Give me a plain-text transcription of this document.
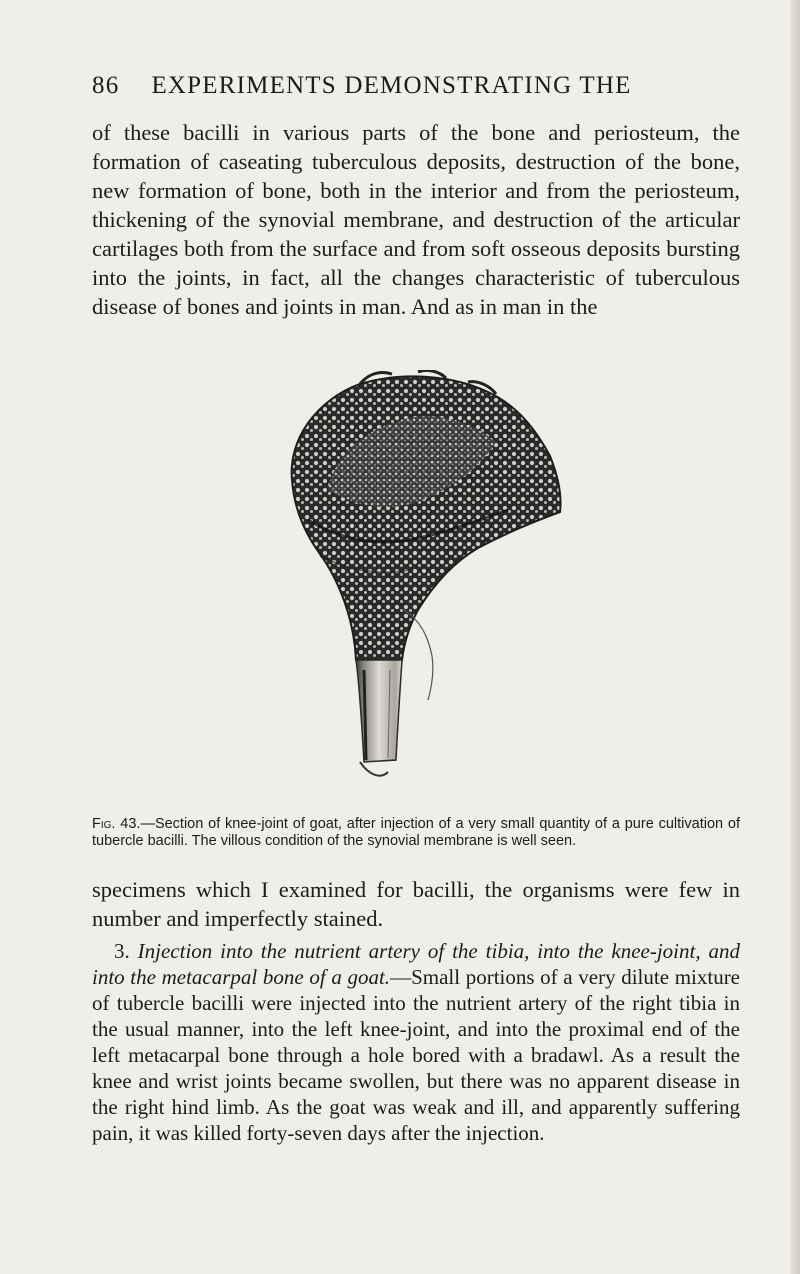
86 EXPERIMENTS DEMONSTRATING THE

of these bacilli in various parts of the bone and periosteum, the formation of caseating tuberculous deposits, destruction of the bone, new formation of bone, both in the interior and from the periosteum, thickening of the synovial membrane, and destruction of the articular cartilages both from the surface and from soft osseous deposits bursting into the joints, in fact, all the changes characteristic of tuberculous disease of bones and joints in man. And as in man in the

Fig. 43.—Section of knee-joint of goat, after injection of a very small quantity of a pure cultivation of tubercle bacilli. The villous condition of the synovial membrane is well seen.

specimens which I examined for bacilli, the organisms were few in number and imperfectly stained.

3. Injection into the nutrient artery of the tibia, into the knee-joint, and into the metacarpal bone of a goat.—Small portions of a very dilute mixture of tubercle bacilli were injected into the nutrient artery of the right tibia in the usual manner, into the left knee-joint, and into the proximal end of the left metacarpal bone through a hole bored with a bradawl. As a result the knee and wrist joints became swollen, but there was no apparent disease in the right hind limb. As the goat was weak and ill, and apparently suffering pain, it was killed forty-seven days after the injection.
